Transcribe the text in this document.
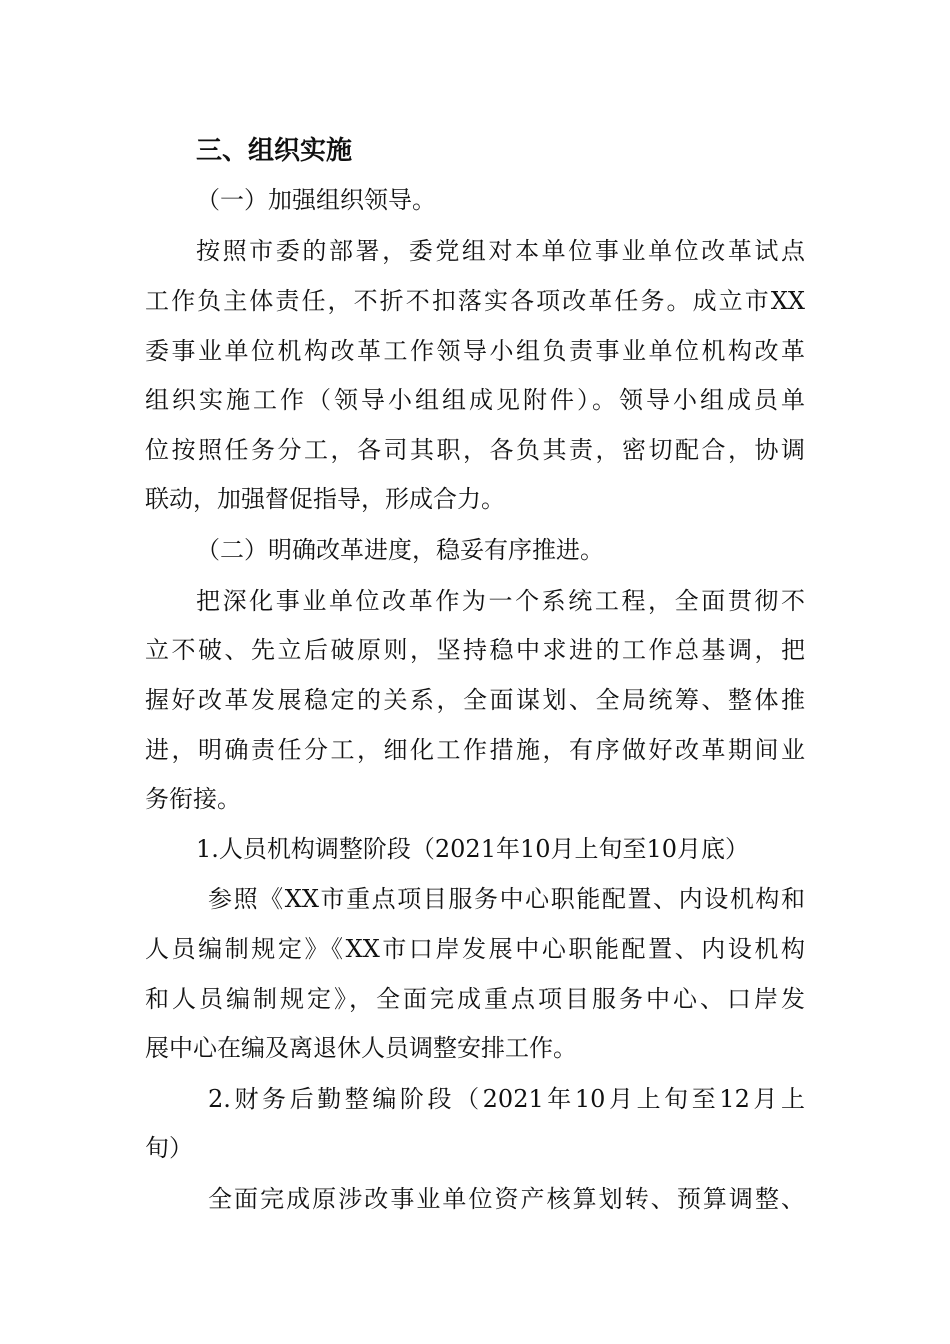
三、组织实施

（一）加强组织领导。

按照市委的部署，委党组对本单位事业单位改革试点

工作负主体责任，不折不扣落实各项改革任务。成立市XX

委事业单位机构改革工作领导小组负责事业单位机构改革

组织实施工作（领导小组组成见附件）。领导小组成员单

位按照任务分工，各司其职，各负其责，密切配合，协调

联动，加强督促指导，形成合力。

（二）明确改革进度，稳妥有序推进。

把深化事业单位改革作为一个系统工程，全面贯彻不

立不破、先立后破原则，坚持稳中求进的工作总基调，把

握好改革发展稳定的关系，全面谋划、全局统筹、整体推

进，明确责任分工，细化工作措施，有序做好改革期间业

务衔接。

1.人员机构调整阶段（2021年10月上旬至10月底）

参照《XX市重点项目服务中心职能配置、内设机构和

人员编制规定》《XX市口岸发展中心职能配置、内设机构

和人员编制规定》，全面完成重点项目服务中心、口岸发

展中心在编及离退休人员调整安排工作。

2.财务后勤整编阶段（2021年10月上旬至12月上

旬）

全面完成原涉改事业单位资产核算划转、预算调整、
